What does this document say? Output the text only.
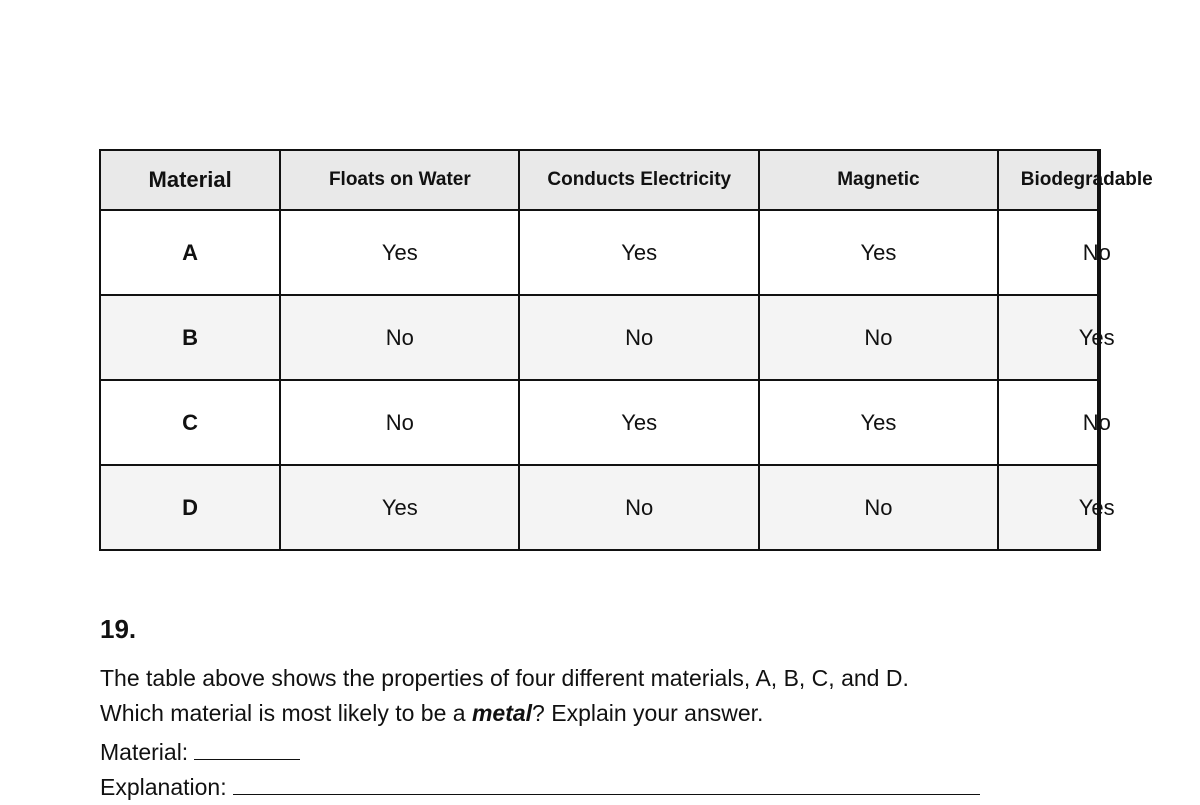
Material	Floats on Water	Conducts Electricity	Magnetic	Biodegradable

A	Yes	Yes	Yes	No

B	No	No	No	Yes

C	No	Yes	Yes	No

D	Yes	No	No	Yes
19.
The table above shows the properties of four different materials, A, B, C, and D.
Which material is most likely to be a metal? Explain your answer.
Material:
Explanation:
